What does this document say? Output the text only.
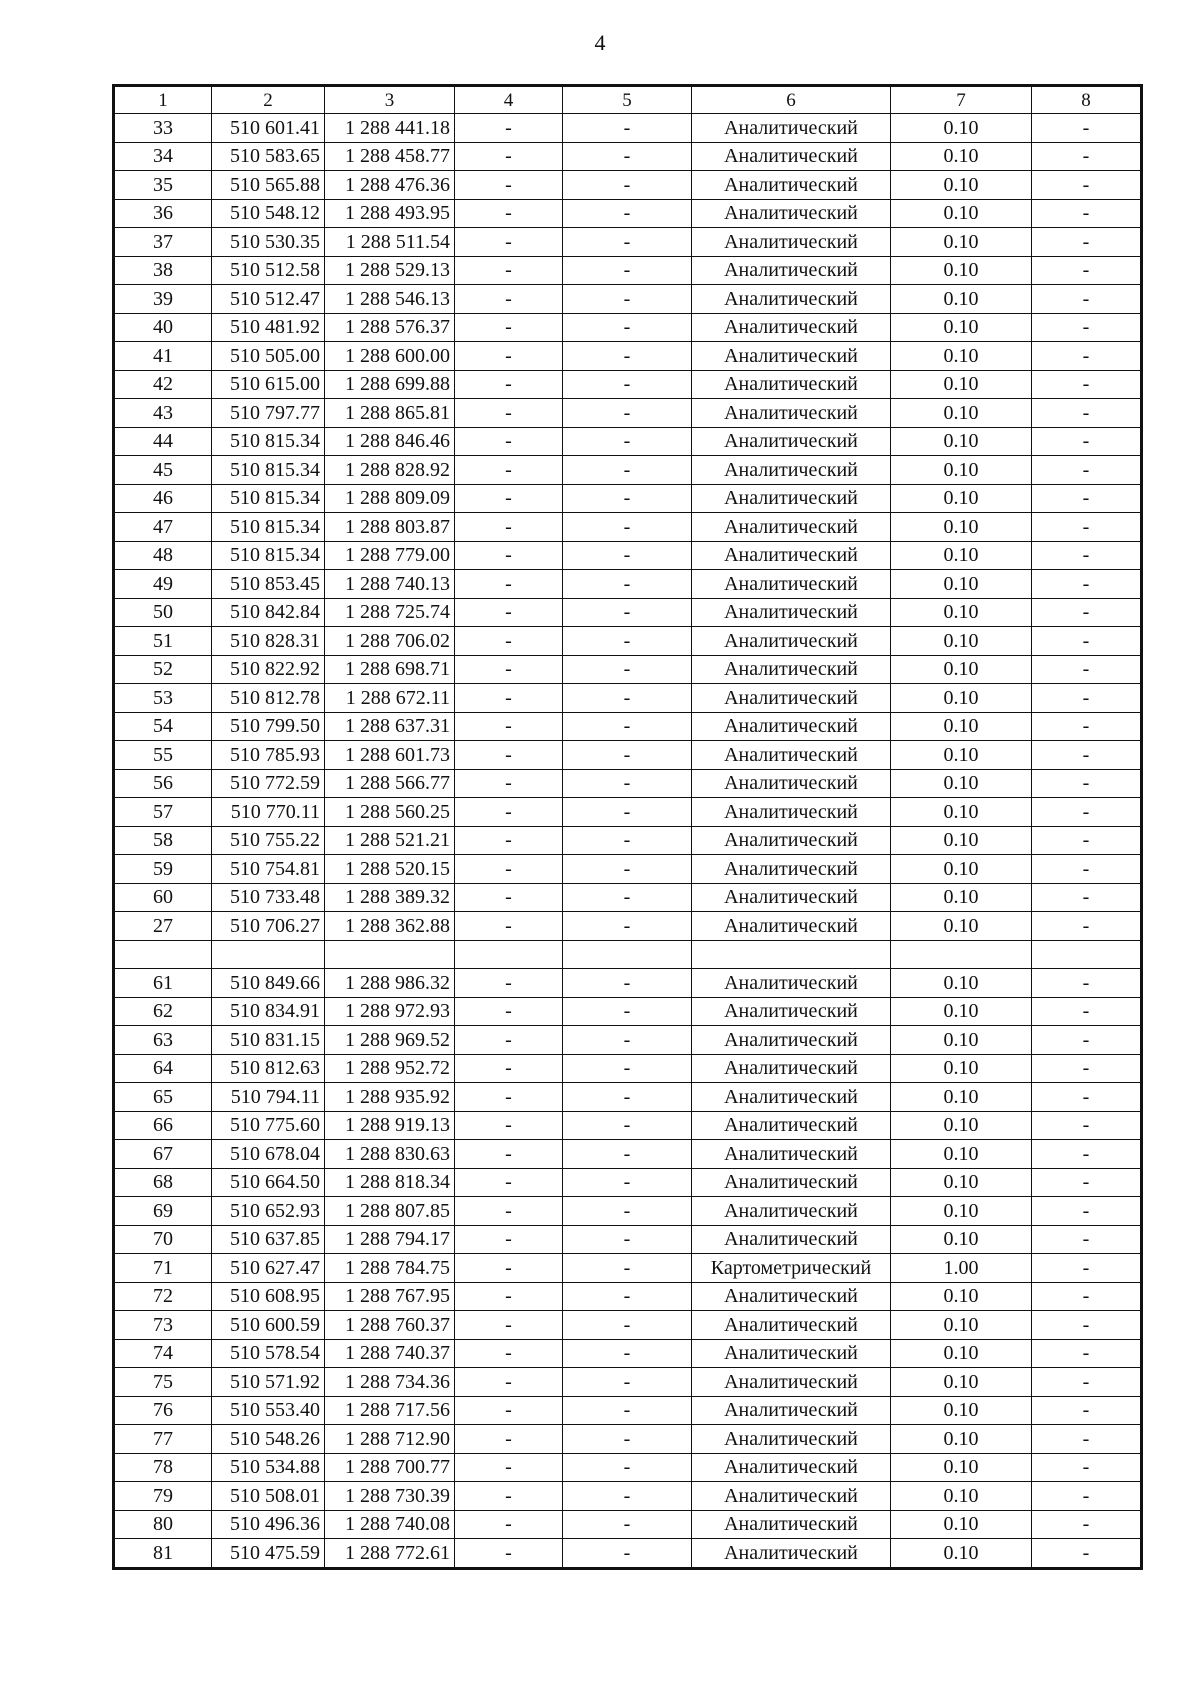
4
1	2	3	4	5	6	7	8
33	510 601.41	1 288 441.18	-	-	Аналитический	0.10	-
34	510 583.65	1 288 458.77	-	-	Аналитический	0.10	-
35	510 565.88	1 288 476.36	-	-	Аналитический	0.10	-
36	510 548.12	1 288 493.95	-	-	Аналитический	0.10	-
37	510 530.35	1 288 511.54	-	-	Аналитический	0.10	-
38	510 512.58	1 288 529.13	-	-	Аналитический	0.10	-
39	510 512.47	1 288 546.13	-	-	Аналитический	0.10	-
40	510 481.92	1 288 576.37	-	-	Аналитический	0.10	-
41	510 505.00	1 288 600.00	-	-	Аналитический	0.10	-
42	510 615.00	1 288 699.88	-	-	Аналитический	0.10	-
43	510 797.77	1 288 865.81	-	-	Аналитический	0.10	-
44	510 815.34	1 288 846.46	-	-	Аналитический	0.10	-
45	510 815.34	1 288 828.92	-	-	Аналитический	0.10	-
46	510 815.34	1 288 809.09	-	-	Аналитический	0.10	-
47	510 815.34	1 288 803.87	-	-	Аналитический	0.10	-
48	510 815.34	1 288 779.00	-	-	Аналитический	0.10	-
49	510 853.45	1 288 740.13	-	-	Аналитический	0.10	-
50	510 842.84	1 288 725.74	-	-	Аналитический	0.10	-
51	510 828.31	1 288 706.02	-	-	Аналитический	0.10	-
52	510 822.92	1 288 698.71	-	-	Аналитический	0.10	-
53	510 812.78	1 288 672.11	-	-	Аналитический	0.10	-
54	510 799.50	1 288 637.31	-	-	Аналитический	0.10	-
55	510 785.93	1 288 601.73	-	-	Аналитический	0.10	-
56	510 772.59	1 288 566.77	-	-	Аналитический	0.10	-
57	510 770.11	1 288 560.25	-	-	Аналитический	0.10	-
58	510 755.22	1 288 521.21	-	-	Аналитический	0.10	-
59	510 754.81	1 288 520.15	-	-	Аналитический	0.10	-
60	510 733.48	1 288 389.32	-	-	Аналитический	0.10	-
27	510 706.27	1 288 362.88	-	-	Аналитический	0.10	-

61	510 849.66	1 288 986.32	-	-	Аналитический	0.10	-
62	510 834.91	1 288 972.93	-	-	Аналитический	0.10	-
63	510 831.15	1 288 969.52	-	-	Аналитический	0.10	-
64	510 812.63	1 288 952.72	-	-	Аналитический	0.10	-
65	510 794.11	1 288 935.92	-	-	Аналитический	0.10	-
66	510 775.60	1 288 919.13	-	-	Аналитический	0.10	-
67	510 678.04	1 288 830.63	-	-	Аналитический	0.10	-
68	510 664.50	1 288 818.34	-	-	Аналитический	0.10	-
69	510 652.93	1 288 807.85	-	-	Аналитический	0.10	-
70	510 637.85	1 288 794.17	-	-	Аналитический	0.10	-
71	510 627.47	1 288 784.75	-	-	Картометрический	1.00	-
72	510 608.95	1 288 767.95	-	-	Аналитический	0.10	-
73	510 600.59	1 288 760.37	-	-	Аналитический	0.10	-
74	510 578.54	1 288 740.37	-	-	Аналитический	0.10	-
75	510 571.92	1 288 734.36	-	-	Аналитический	0.10	-
76	510 553.40	1 288 717.56	-	-	Аналитический	0.10	-
77	510 548.26	1 288 712.90	-	-	Аналитический	0.10	-
78	510 534.88	1 288 700.77	-	-	Аналитический	0.10	-
79	510 508.01	1 288 730.39	-	-	Аналитический	0.10	-
80	510 496.36	1 288 740.08	-	-	Аналитический	0.10	-
81	510 475.59	1 288 772.61	-	-	Аналитический	0.10	-
